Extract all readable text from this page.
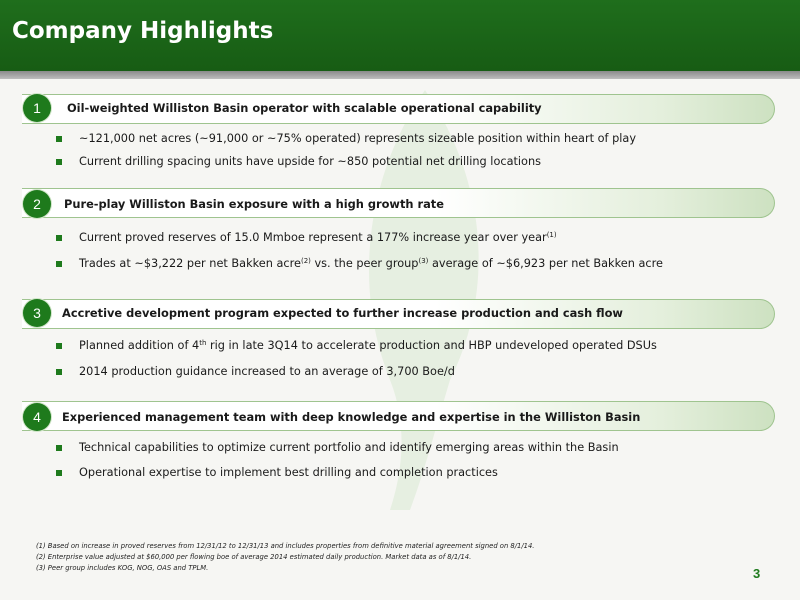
Company Highlights
1	Oil-weighted Williston Basin operator with scalable operational capability
~121,000 net acres (~91,000 or ~75% operated) represents sizeable position within heart of play
Current drilling spacing units have upside for ~850 potential net drilling locations
2	Pure-play Williston Basin exposure with a high growth rate
Current proved reserves of 15.0 Mmboe represent a 177% increase year over year$^{(1)}$
Trades at ~$3,222 per net Bakken acre$^{(2)}$ vs. the peer group$^{(3)}$ average of ~$6,923 per net Bakken acre
3	Accretive development program expected to further increase production and cash flow
Planned addition of 4th rig in late 3Q14 to accelerate production and HBP undeveloped operated DSUs
2014 production guidance increased to an average of 3,700 Boe/d
4	Experienced management team with deep knowledge and expertise in the Williston Basin
Technical capabilities to optimize current portfolio and identify emerging areas within the Basin
Operational expertise to implement best drilling and completion practices
(1) Based on increase in proved reserves from 12/31/12 to 12/31/13 and includes properties from definitive material agreement signed on 8/1/14.
(2) Enterprise value adjusted at $60,000 per flowing boe of average 2014 estimated daily production. Market data as of 8/1/14.
(3) Peer group includes KOG, NOG, OAS and TPLM.	3
